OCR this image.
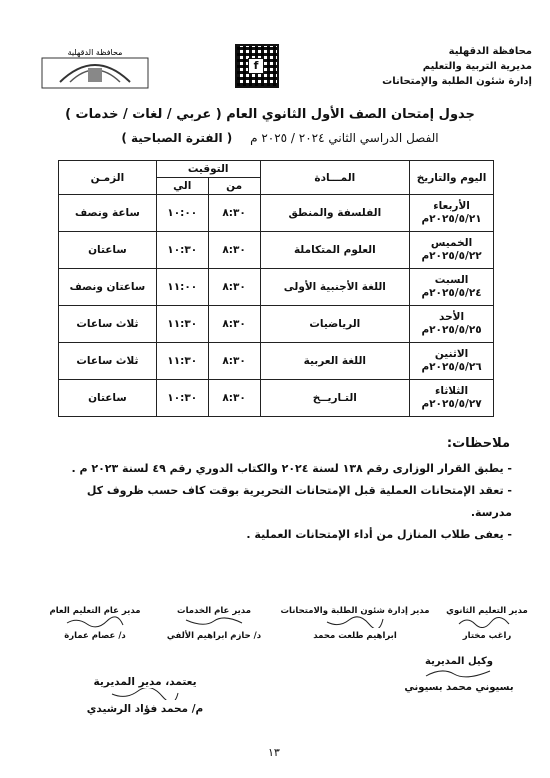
محافظة الدقهلية
مديرية التربية والتعليم
إدارة شئون الطلبة والإمتحانات
f
محافظة الدقهلية
جدول إمتحان الصف الأول الثانوي العام ( عربي / لغات / خدمات )
الفصل الدراسي الثاني ٢٠٢٤ / ٢٠٢٥ م ( الفترة الصباحية )
اليوم والتاريخ	المـــادة	التوقيت		الزمـن
		من	الي	

الأربعاء
٢٠٢٥/٥/٢١م	الفلسفة والمنطق	٨:٣٠	١٠:٠٠	ساعة ونصف

الخميس
٢٠٢٥/٥/٢٢م	العلوم المتكاملة	٨:٣٠	١٠:٣٠	ساعتان

السبت
٢٠٢٥/٥/٢٤م	اللغة الأجنبية الأولى	٨:٣٠	١١:٠٠	ساعتان ونصف

الأحد
٢٠٢٥/٥/٢٥م	الرياضيات	٨:٣٠	١١:٣٠	ثلاث ساعات

الاثنين
٢٠٢٥/٥/٢٦م	اللغة العربية	٨:٣٠	١١:٣٠	ثلاث ساعات

الثلاثاء
٢٠٢٥/٥/٢٧م	التـاريــخ	٨:٣٠	١٠:٣٠	ساعتان
ملاحظات:
- يطبق القرار الوزارى رقم ١٣٨ لسنة ٢٠٢٤ والكتاب الدوري رقم ٤٩ لسنة ٢٠٢٣ م .
- تعقد الإمتحانات العملية قبل الإمتحانات التحريرية بوقت كاف حسب ظروف كل مدرسة.
- يعفى طلاب المنازل من أداء الإمتحانات العملية .
مدير التعليم الثانوي
راغب مختار
مدير إدارة شئون الطلبة والامتحانات
ابراهيم طلعت محمد
مدير عام الخدمات
د/ حازم ابراهيم الألفي
مدير عام التعليم العام
د/ عصام عمارة
وكيل المديرية
بسيوني محمد بسيوني
يعتمد، مدير المديرية
م/ محمد فؤاد الرشيدي
١٣
